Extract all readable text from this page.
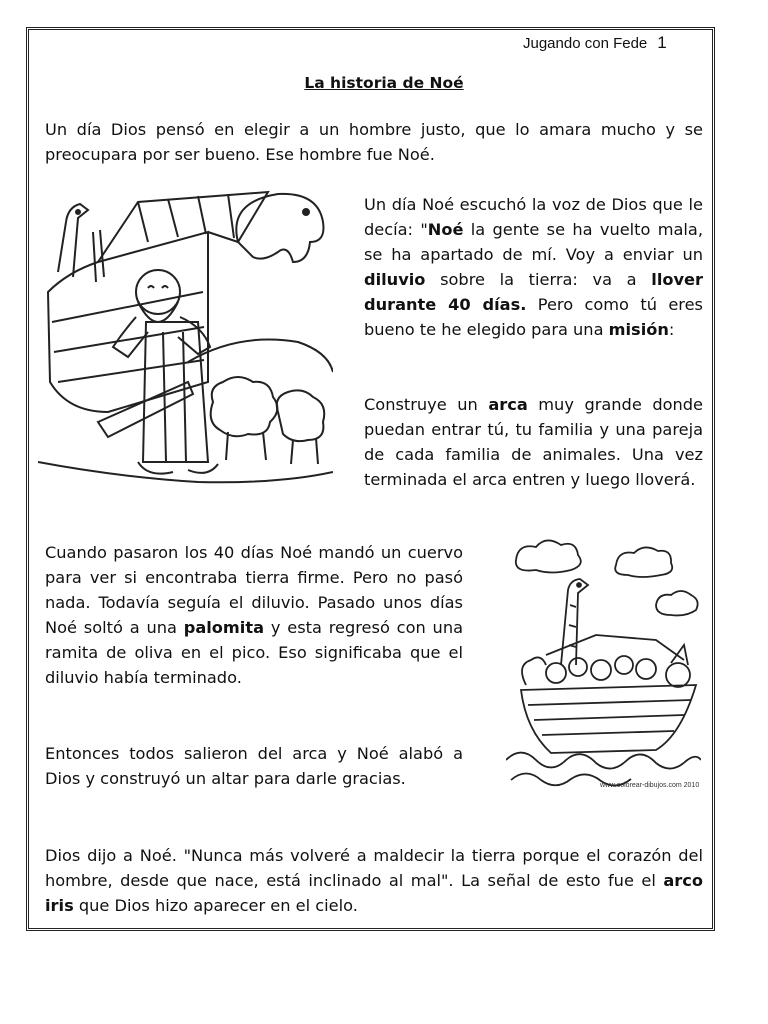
Jugando con Fede 1
La historia de Noé

Un día Dios pensó en elegir a un hombre justo, que lo amara mucho y se preocupara por ser bueno. Ese hombre fue Noé.

Un día Noé escuchó la voz de Dios que le decía: "Noé la gente se ha vuelto mala, se ha apartado de mí. Voy a enviar un diluvio sobre la tierra: va a llover durante 40 días. Pero como tú eres bueno te he elegido para una misión:

Construye un arca muy grande donde puedan entrar tú, tu familia y una pareja de cada familia de animales. Una vez terminada el arca entren y luego lloverá.

Cuando pasaron los 40 días Noé mandó un cuervo para ver si encontraba tierra firme. Pero no pasó nada. Todavía seguía el diluvio. Pasado unos días Noé soltó a una palomita y esta regresó con una ramita de oliva en el pico. Eso significaba que el diluvio había terminado.

www.colorear-dibujos.com 2010

Entonces todos salieron del arca y Noé alabó a Dios y construyó un altar para darle gracias.

Dios dijo a Noé. "Nunca más volveré a maldecir la tierra porque el corazón del hombre, desde que nace, está inclinado al mal". La señal de esto fue el arco iris que Dios hizo aparecer en el cielo.
